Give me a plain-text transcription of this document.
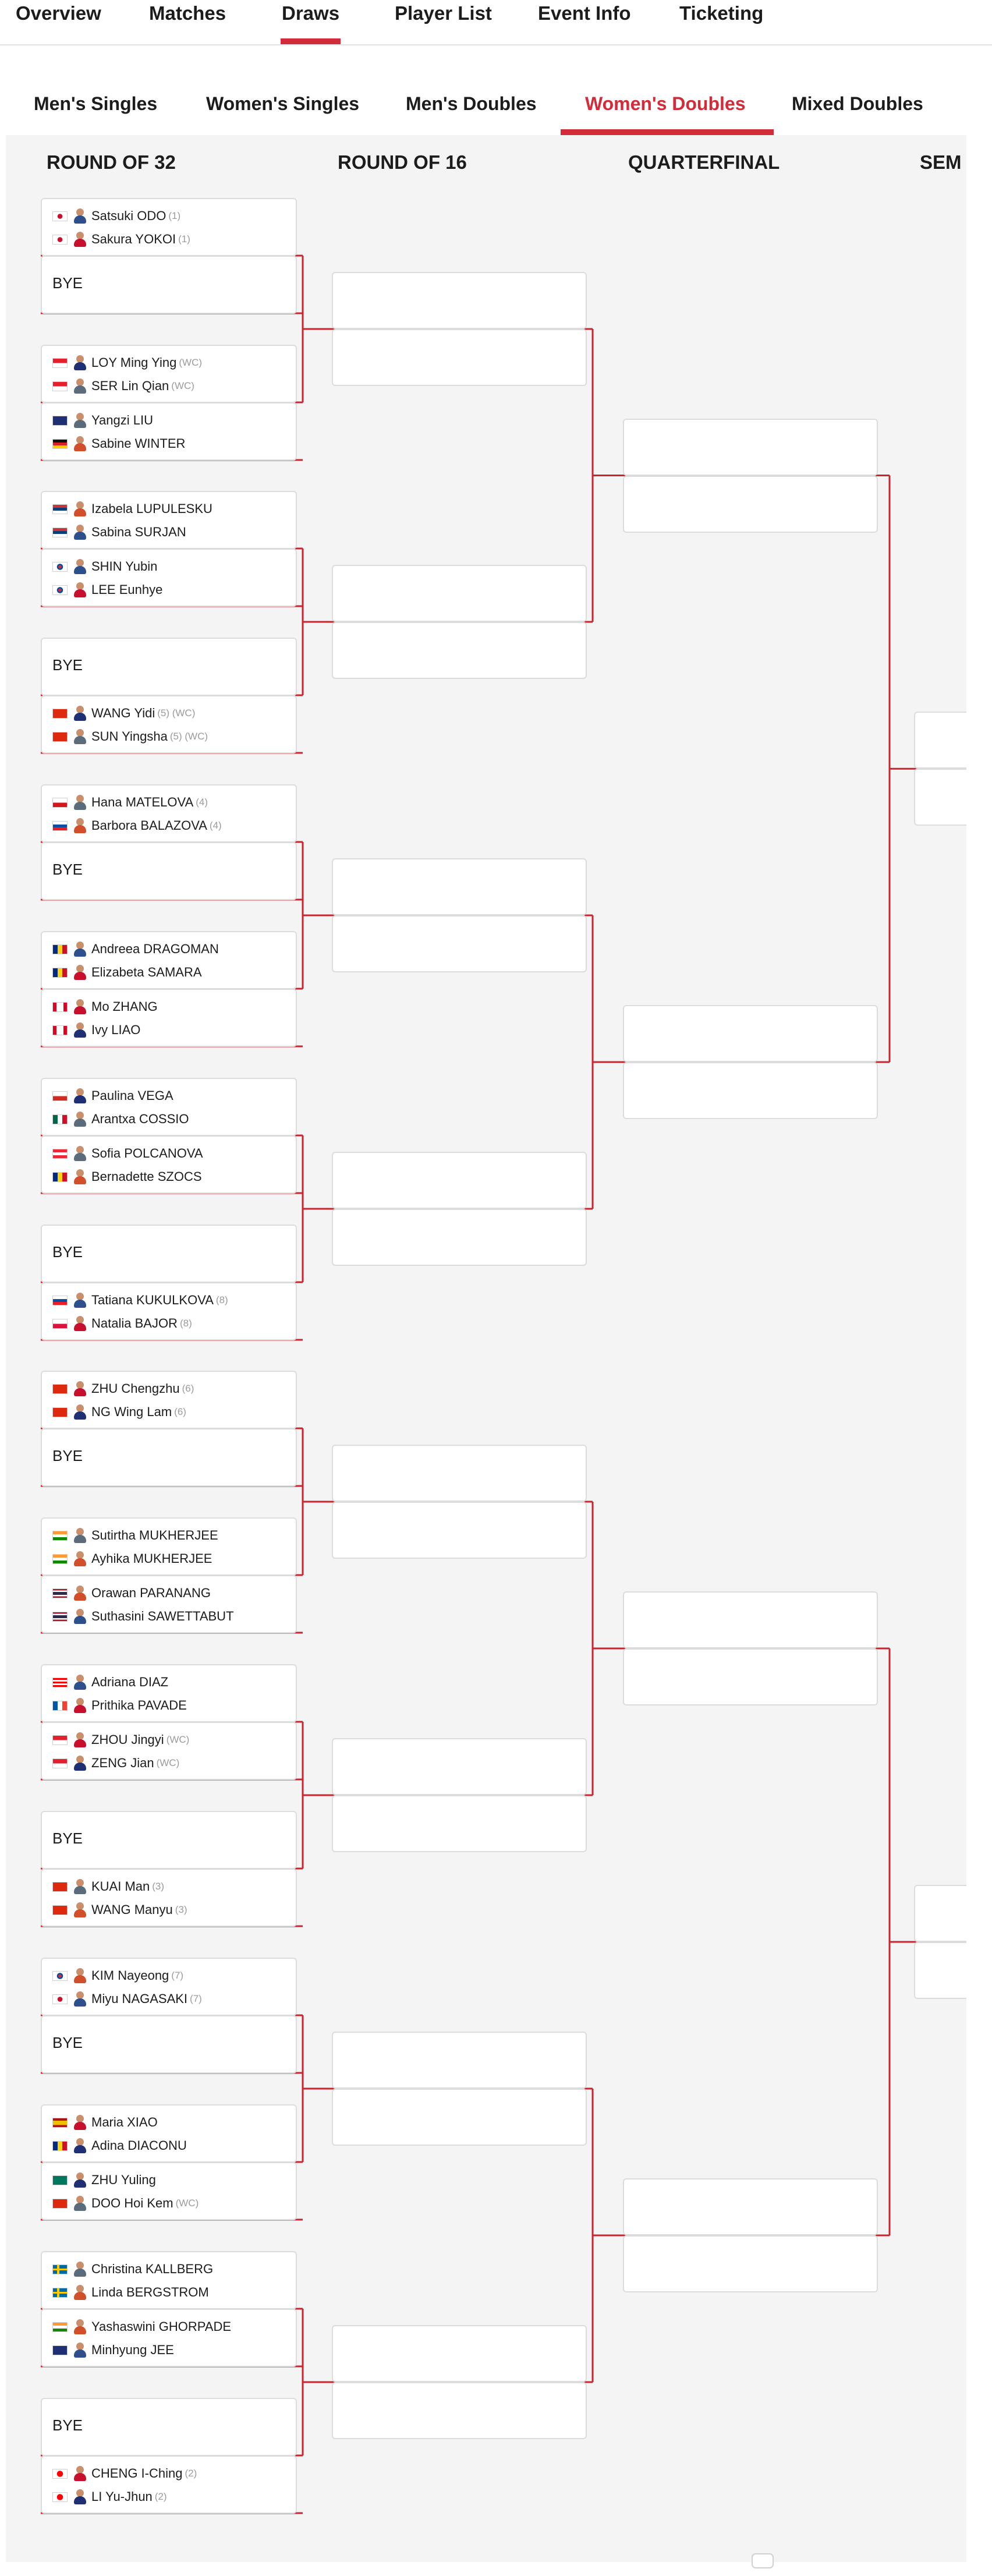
Overview Matches	Draws	Player List Event Info	Ticketing
Men's Singles	Women's Singles Men's Doubles	Women's Doubles Mixed Doubles
ROUND OF 32	ROUND OF 16	QUARTERFINAL	SEM
Satsuki ODO (1)
Sakura YOKOI (1)
BYE
LOY Ming Ying (WC)
SER Lin Qian (WC)
Yangzi LIU
Sabine WINTER
Izabela LUPULESKU
Sabina SURJAN
SHIN Yubin
LEE Eunhye
BYE
WANG Yidi (5) (WC)
SUN Yingsha (5) (WC)
Hana MATELOVA (4)
Barbora BALAZOVA (4)
BYE
Andreea DRAGOMAN
Elizabeta SAMARA
Mo ZHANG
Ivy LIAO
Paulina VEGA
Arantxa COSSIO
Sofia POLCANOVA
Bernadette SZOCS
BYE
Tatiana KUKULKOVA (8)
Natalia BAJOR (8)
ZHU Chengzhu (6)
NG Wing Lam (6)
BYE
Sutirtha MUKHERJEE
Ayhika MUKHERJEE
Orawan PARANANG
Suthasini SAWETTABUT
Adriana DIAZ
Prithika PAVADE
ZHOU Jingyi (WC)
ZENG Jian (WC)
BYE
KUAI Man (3)
WANG Manyu (3)
KIM Nayeong (7)
Miyu NAGASAKI (7)
BYE
Maria XIAO
Adina DIACONU
ZHU Yuling
DOO Hoi Kem (WC)
Christina KALLBERG
Linda BERGSTROM
Yashaswini GHORPADE
Minhyung JEE
BYE
CHENG I-Ching (2)
LI Yu-Jhun (2)
